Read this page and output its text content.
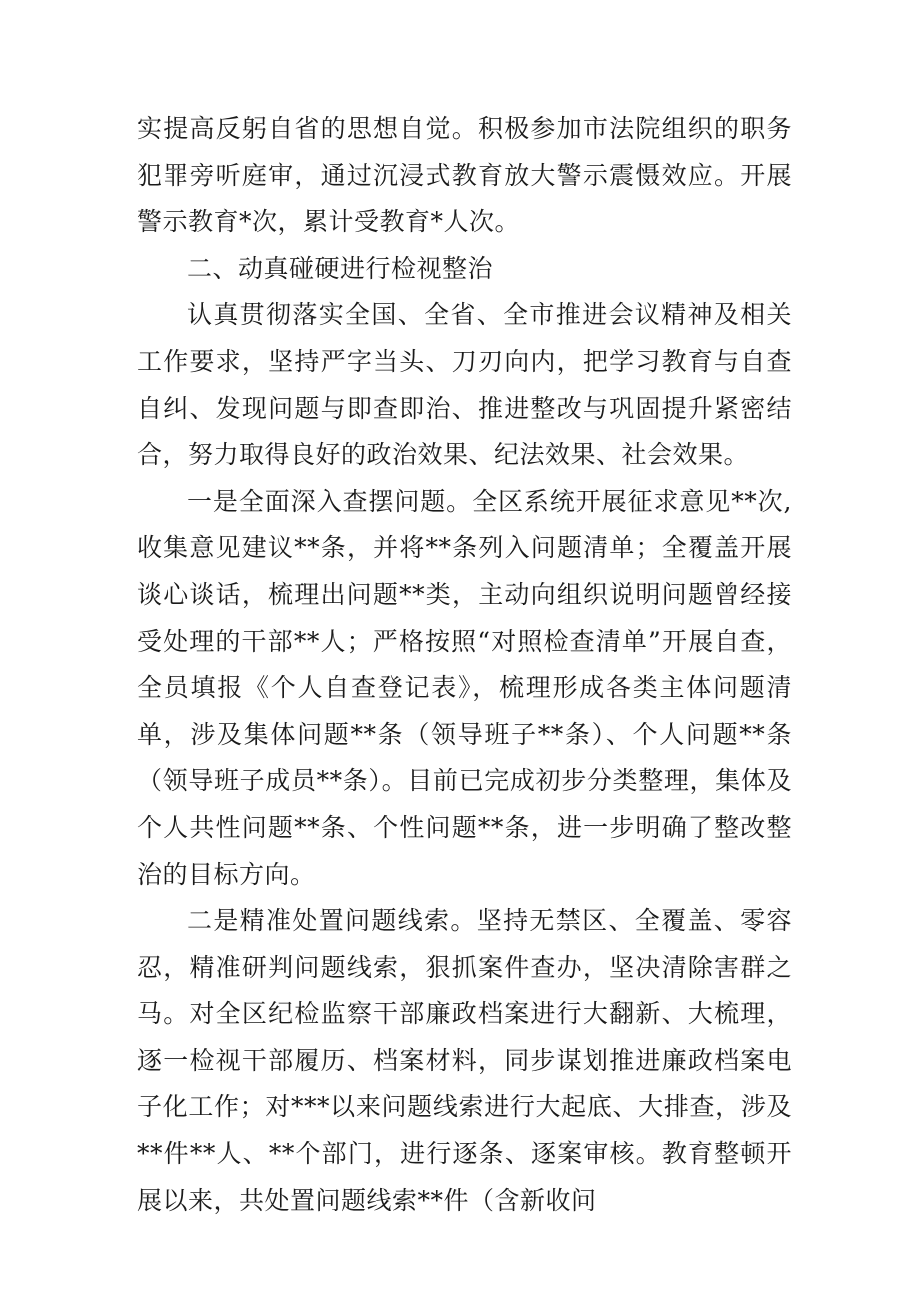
实提高反躬自省的思想自觉。积极参加市法院组织的职务犯罪旁听庭审，通过沉浸式教育放大警示震慑效应。开展警示教育*次，累计受教育*人次。

二、动真碰硬进行检视整治

认真贯彻落实全国、全省、全市推进会议精神及相关工作要求，坚持严字当头、刀刃向内，把学习教育与自查自纠、发现问题与即查即治、推进整改与巩固提升紧密结合，努力取得良好的政治效果、纪法效果、社会效果。

一是全面深入查摆问题。全区系统开展征求意见**次,收集意见建议**条，并将**条列入问题清单；全覆盖开展谈心谈话，梳理出问题**类，主动向组织说明问题曾经接受处理的干部**人；严格按照“对照检查清单”开展自查，全员填报《个人自查登记表》，梳理形成各类主体问题清单，涉及集体问题**条（领导班子**条）、个人问题**条（领导班子成员**条）。目前已完成初步分类整理，集体及个人共性问题**条、个性问题**条，进一步明确了整改整治的目标方向。

二是精准处置问题线索。坚持无禁区、全覆盖、零容忍，精准研判问题线索，狠抓案件查办，坚决清除害群之马。对全区纪检监察干部廉政档案进行大翻新、大梳理，逐一检视干部履历、档案材料，同步谋划推进廉政档案电子化工作；对***以来问题线索进行大起底、大排查，涉及**件**人、**个部门，进行逐条、逐案审核。教育整顿开展以来，共处置问题线索**件（含新收问
